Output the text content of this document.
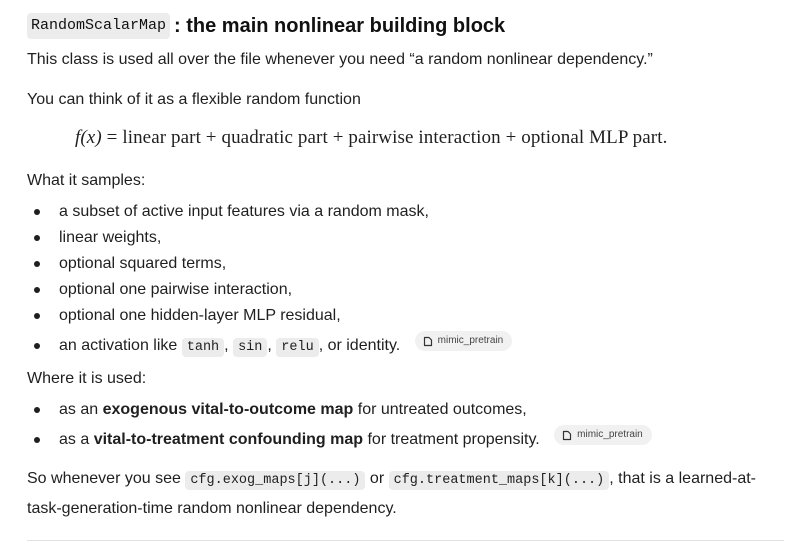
RandomScalarMap : the main nonlinear building block

This class is used all over the file whenever you need “a random nonlinear dependency.”

You can think of it as a flexible random function

f(x) = linear part + quadratic part + pairwise interaction + optional MLP part.

What it samples:

a subset of active input features via a random mask,
linear weights,
optional squared terms,
optional one pairwise interaction,
optional one hidden-layer MLP residual,
an activation like tanh , sin , relu , or identity.	mimic_pretrain

Where it is used:

as an exogenous vital-to-outcome map for untreated outcomes,
as a vital-to-treatment confounding map for treatment propensity.	mimic_pretrain

So whenever you see cfg.exog_maps[j](...) or cfg.treatment_maps[k](...) , that is a learned-at-task-generation-time random nonlinear dependency.
